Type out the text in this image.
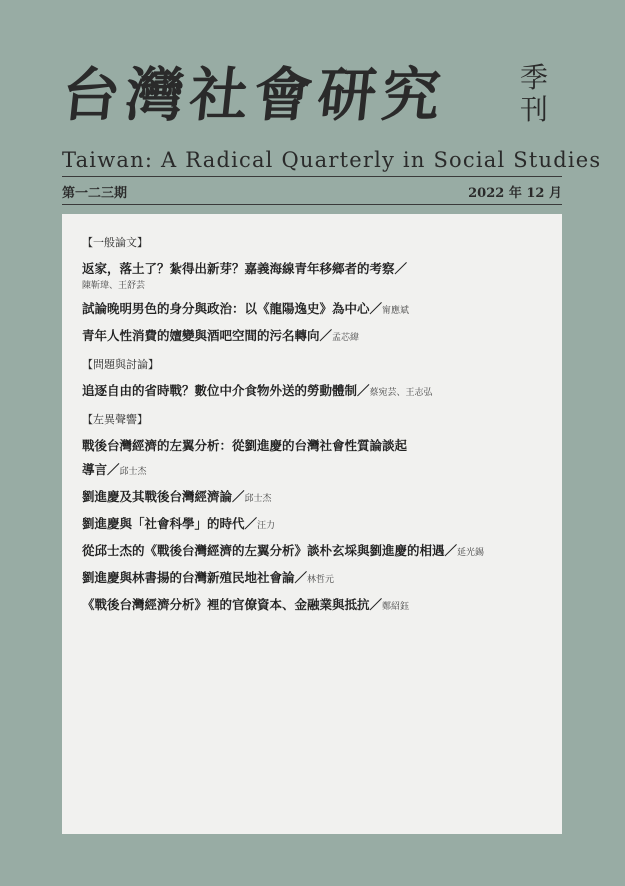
台灣社會研究	季
刊
Taiwan: A Radical Quarterly in Social Studies
第一二三期	2022 年 12 月
【一般論文】
返家，落土了？紮得出新芽？嘉義海線青年移鄉者的考察／
陳靳瑋、王舒芸
試論晚明男色的身分與政治：以《龍陽逸史》為中心／甯應斌
青年人性消費的嬗變與酒吧空間的污名轉向／孟芯緯
【問題與討論】
追逐自由的省時戰？數位中介食物外送的勞動體制／蔡宛芸、王志弘
【左異聲響】
戰後台灣經濟的左翼分析：從劉進慶的台灣社會性質論談起
導言／邱士杰
劉進慶及其戰後台灣經濟論／邱士杰
劉進慶與「社會科學」的時代／汪力
從邱士杰的《戰後台灣經濟的左翼分析》談朴玄埰與劉進慶的相遇／延光錫
劉進慶與林書揚的台灣新殖民地社會論／林哲元
《戰後台灣經濟分析》裡的官僚資本、金融業與抵抗／鄭紹鈺
